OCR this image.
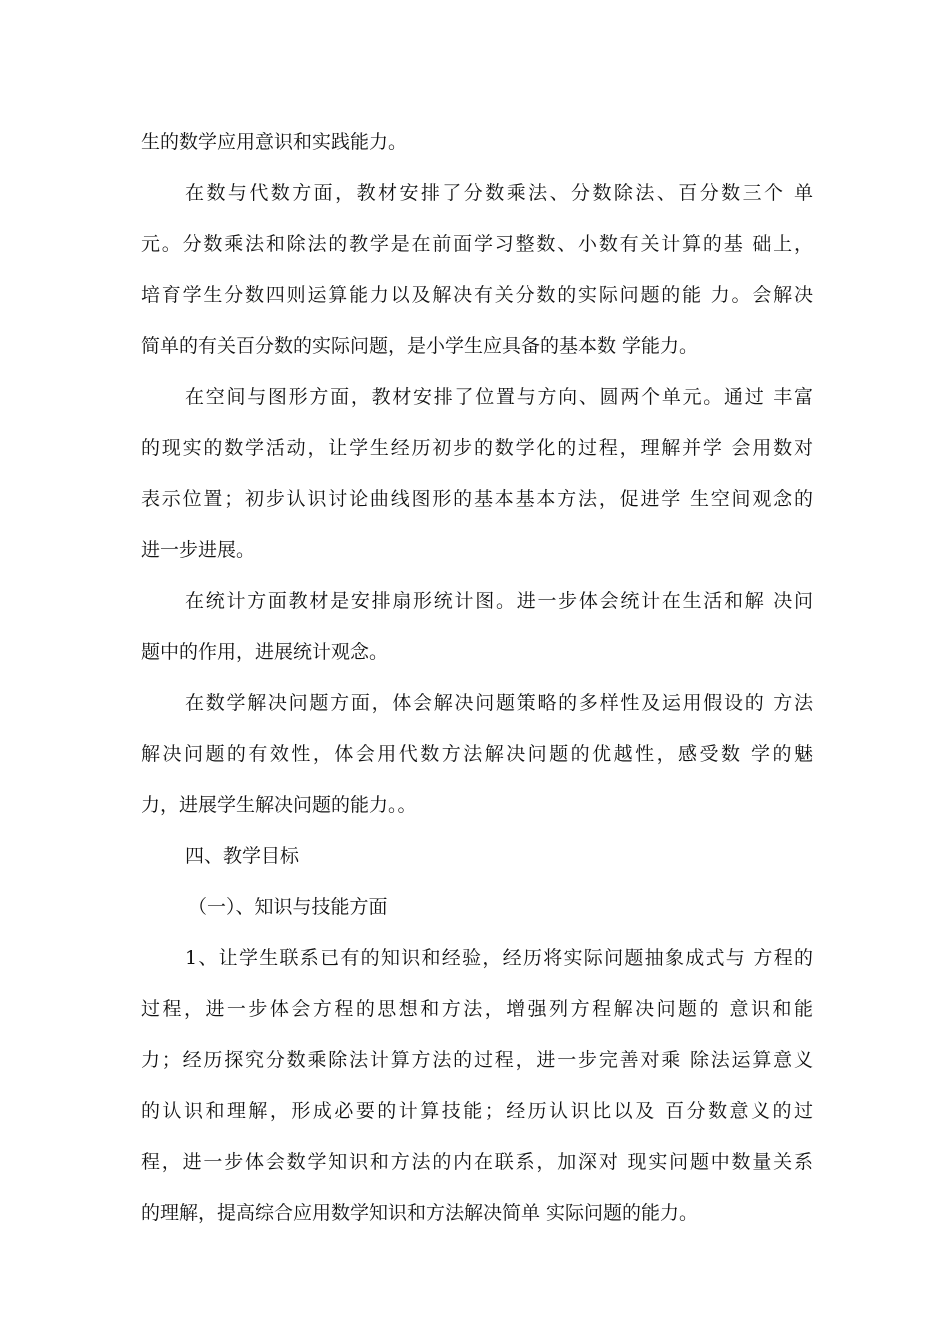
生的数学应用意识和实践能力。
在数与代数方面，教材安排了分数乘法、分数除法、百分数三个 单
元。分数乘法和除法的教学是在前面学习整数、小数有关计算的基 础上，
培育学生分数四则运算能力以及解决有关分数的实际问题的能 力。会解决
简单的有关百分数的实际问题，是小学生应具备的基本数 学能力。
在空间与图形方面，教材安排了位置与方向、圆两个单元。通过 丰富
的现实的数学活动，让学生经历初步的数学化的过程，理解并学 会用数对
表示位置；初步认识讨论曲线图形的基本基本方法，促进学 生空间观念的
进一步进展。
在统计方面教材是安排扇形统计图。进一步体会统计在生活和解 决问
题中的作用，进展统计观念。
在数学解决问题方面，体会解决问题策略的多样性及运用假设的 方法
解决问题的有效性，体会用代数方法解决问题的优越性，感受数 学的魅
力，进展学生解决问题的能力。。
四、教学目标
（一）、知识与技能方面
1、让学生联系已有的知识和经验，经历将实际问题抽象成式与 方程的
过程，进一步体会方程的思想和方法，增强列方程解决问题的 意识和能
力；经历探究分数乘除法计算方法的过程，进一步完善对乘 除法运算意义
的认识和理解，形成必要的计算技能；经历认识比以及 百分数意义的过
程，进一步体会数学知识和方法的内在联系，加深对 现实问题中数量关系
的理解，提高综合应用数学知识和方法解决简单 实际问题的能力。
